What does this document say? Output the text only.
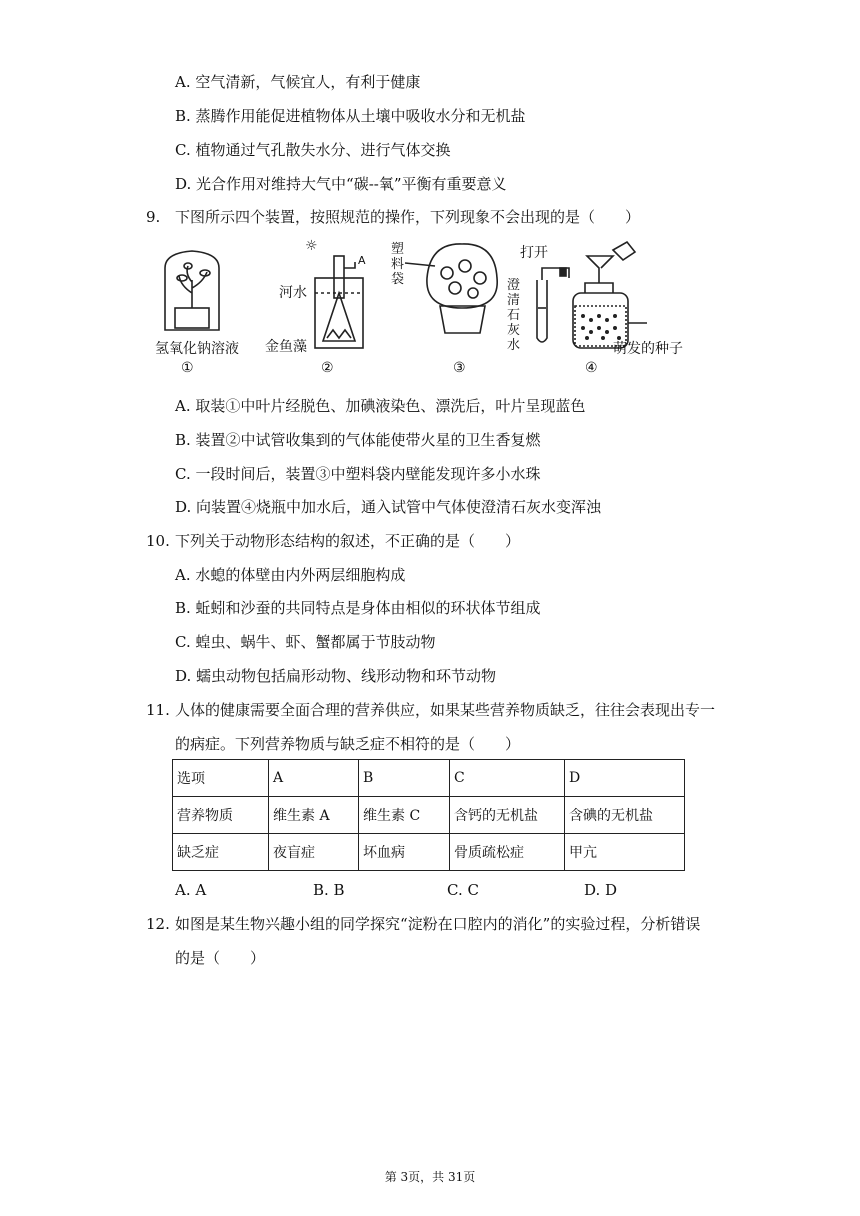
A. 空气清新，气候宜人，有利于健康
B. 蒸腾作用能促进植物体从土壤中吸收水分和无机盐
C. 植物通过气孔散失水分、进行气体交换
D. 光合作用对维持大气中“碳--氧”平衡有重要意义
9. 下图所示四个装置，按照规范的操作，下列现象不会出现的是（　　）
氢氧化钠溶液
①
☼
A
河水
金鱼藻
②
塑料袋
③
打开
澄清石灰水	萌发的种子
④
A. 取装①中叶片经脱色、加碘液染色、漂洗后，叶片呈现蓝色
B. 装置②中试管收集到的气体能使带火星的卫生香复燃
C. 一段时间后，装置③中塑料袋内壁能发现许多小水珠
D. 向装置④烧瓶中加水后，通入试管中气体使澄清石灰水变浑浊
10. 下列关于动物形态结构的叙述，不正确的是（　　）
A. 水螅的体壁由内外两层细胞构成
B. 蚯蚓和沙蚕的共同特点是身体由相似的环状体节组成
C. 蝗虫、蜗牛、虾、蟹都属于节肢动物
D. 蠕虫动物包括扁形动物、线形动物和环节动物
11. 人体的健康需要全面合理的营养供应，如果某些营养物质缺乏，往往会表现出专一
的病症。下列营养物质与缺乏症不相符的是（　　）
选项	A	B	C	D
营养物质	维生素 A	维生素 C	含钙的无机盐	含碘的无机盐
缺乏症	夜盲症	坏血病	骨质疏松症	甲亢
A. A	B. B	C. C	D. D
12. 如图是某生物兴趣小组的同学探究“淀粉在口腔内的消化”的实验过程，分析错误
的是（　　）
第 3页，共 31页
